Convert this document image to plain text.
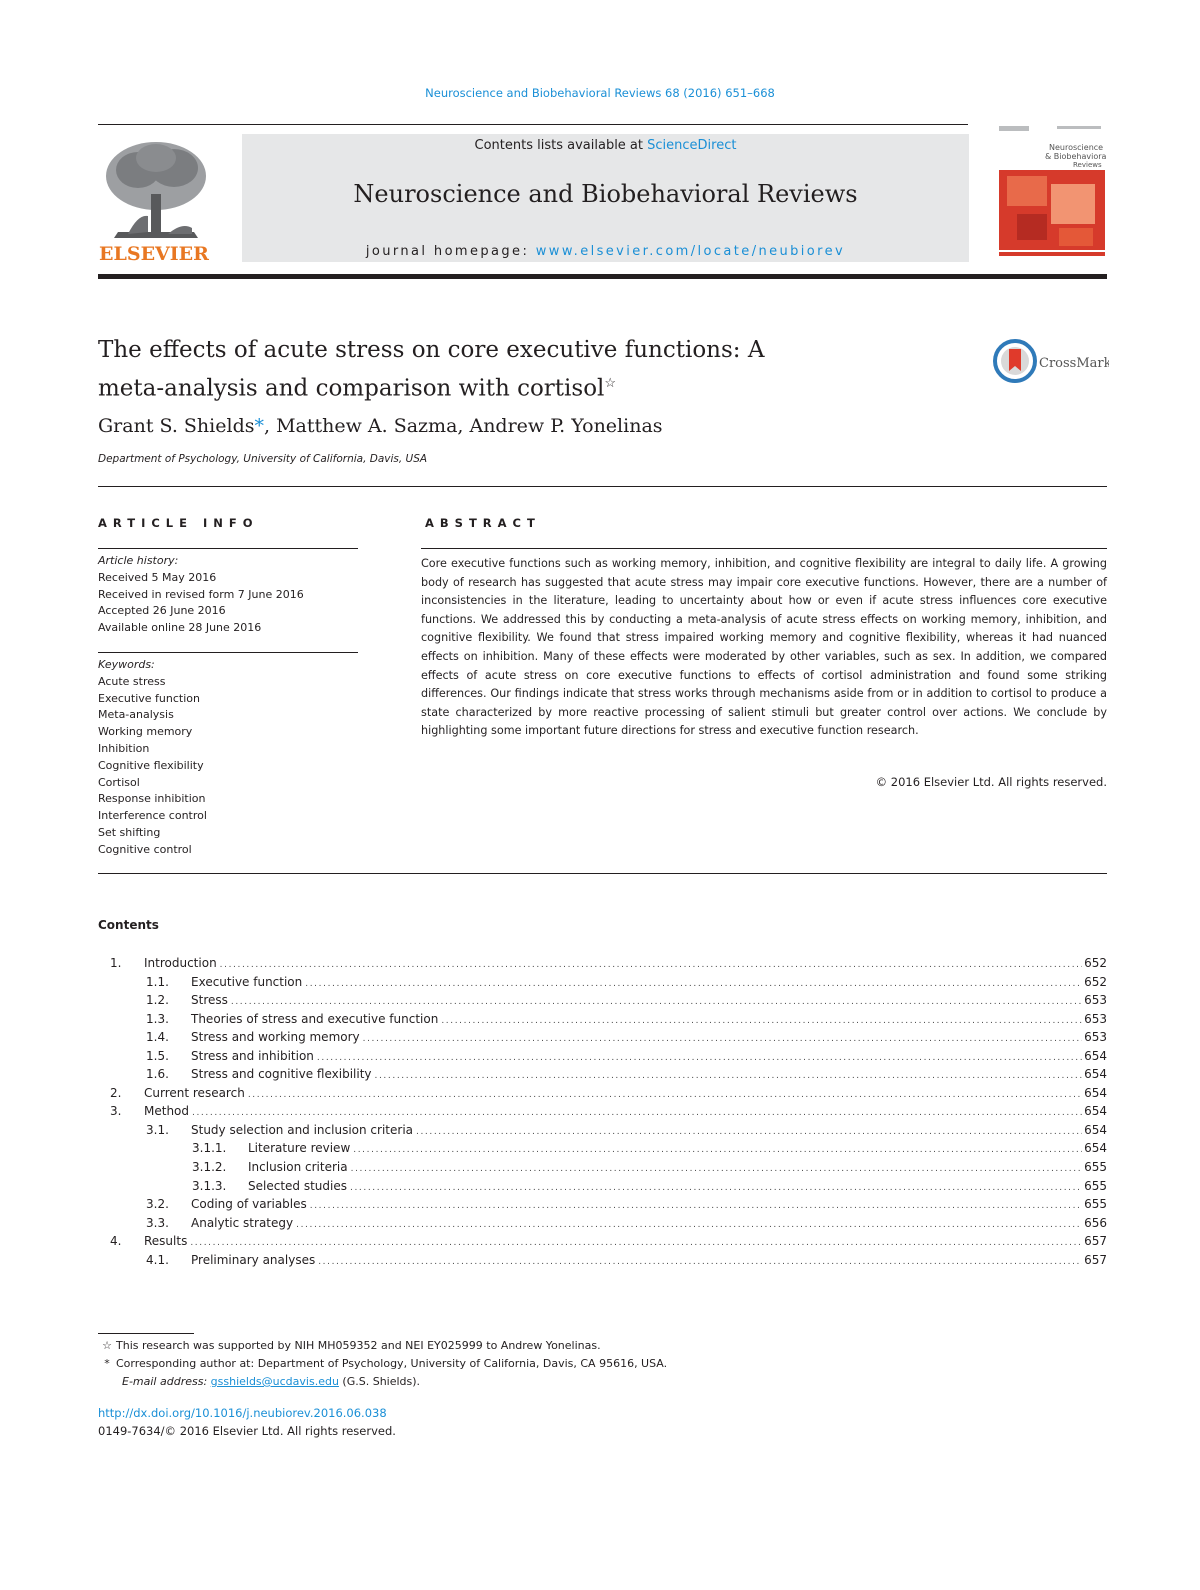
Neuroscience and Biobehavioral Reviews 68 (2016) 651–668
ELSEVIER
Contents lists available at ScienceDirect
Neuroscience and Biobehavioral Reviews
journal homepage: www.elsevier.com/locate/neubiorev
Neuroscience
& Biobehavioral
Reviews
The effects of acute stress on core executive functions: A
meta-analysis and comparison with cortisol☆
CrossMark
Grant S. Shields*, Matthew A. Sazma, Andrew P. Yonelinas
Department of Psychology, University of California, Davis, USA
ARTICLE INFO
Article history:
Received 5 May 2016
Received in revised form 7 June 2016
Accepted 26 June 2016
Available online 28 June 2016
Keywords:
Acute stress
Executive function
Meta-analysis
Working memory
Inhibition
Cognitive flexibility
Cortisol
Response inhibition
Interference control
Set shifting
Cognitive control
ABSTRACT
Core executive functions such as working memory, inhibition, and cognitive flexibility are integral to daily life. A growing body of research has suggested that acute stress may impair core executive functions. However, there are a number of inconsistencies in the literature, leading to uncertainty about how or even if acute stress influences core executive functions. We addressed this by conducting a meta-analysis of acute stress effects on working memory, inhibition, and cognitive flexibility. We found that stress impaired working memory and cognitive flexibility, whereas it had nuanced effects on inhibition. Many of these effects were moderated by other variables, such as sex. In addition, we compared effects of acute stress on core executive functions to effects of cortisol administration and found some striking differences. Our findings indicate that stress works through mechanisms aside from or in addition to cortisol to produce a state characterized by more reactive processing of salient stimuli but greater control over actions. We conclude by highlighting some important future directions for stress and executive function research.
© 2016 Elsevier Ltd. All rights reserved.
Contents
1.	Introduction .....	652
1.1.	Executive function .....	652
1.2.	Stress .....	653
1.3.	Theories of stress and executive function .....	653
1.4.	Stress and working memory .....	653
1.5.	Stress and inhibition .....	654
1.6.	Stress and cognitive flexibility .....	654
2.	Current research .....	654
3.	Method .....	654
3.1.	Study selection and inclusion criteria .....	654
3.1.1.	Literature review .....	654
3.1.2.	Inclusion criteria .....	655
3.1.3.	Selected studies .....	655
3.2.	Coding of variables .....	655
3.3.	Analytic strategy .....	656
4.	Results .....	657
4.1.	Preliminary analyses .....	657
☆ This research was supported by NIH MH059352 and NEI EY025999 to Andrew Yonelinas.
* Corresponding author at: Department of Psychology, University of California, Davis, CA 95616, USA.
E-mail address: gsshields@ucdavis.edu (G.S. Shields).
http://dx.doi.org/10.1016/j.neubiorev.2016.06.038
0149-7634/© 2016 Elsevier Ltd. All rights reserved.
